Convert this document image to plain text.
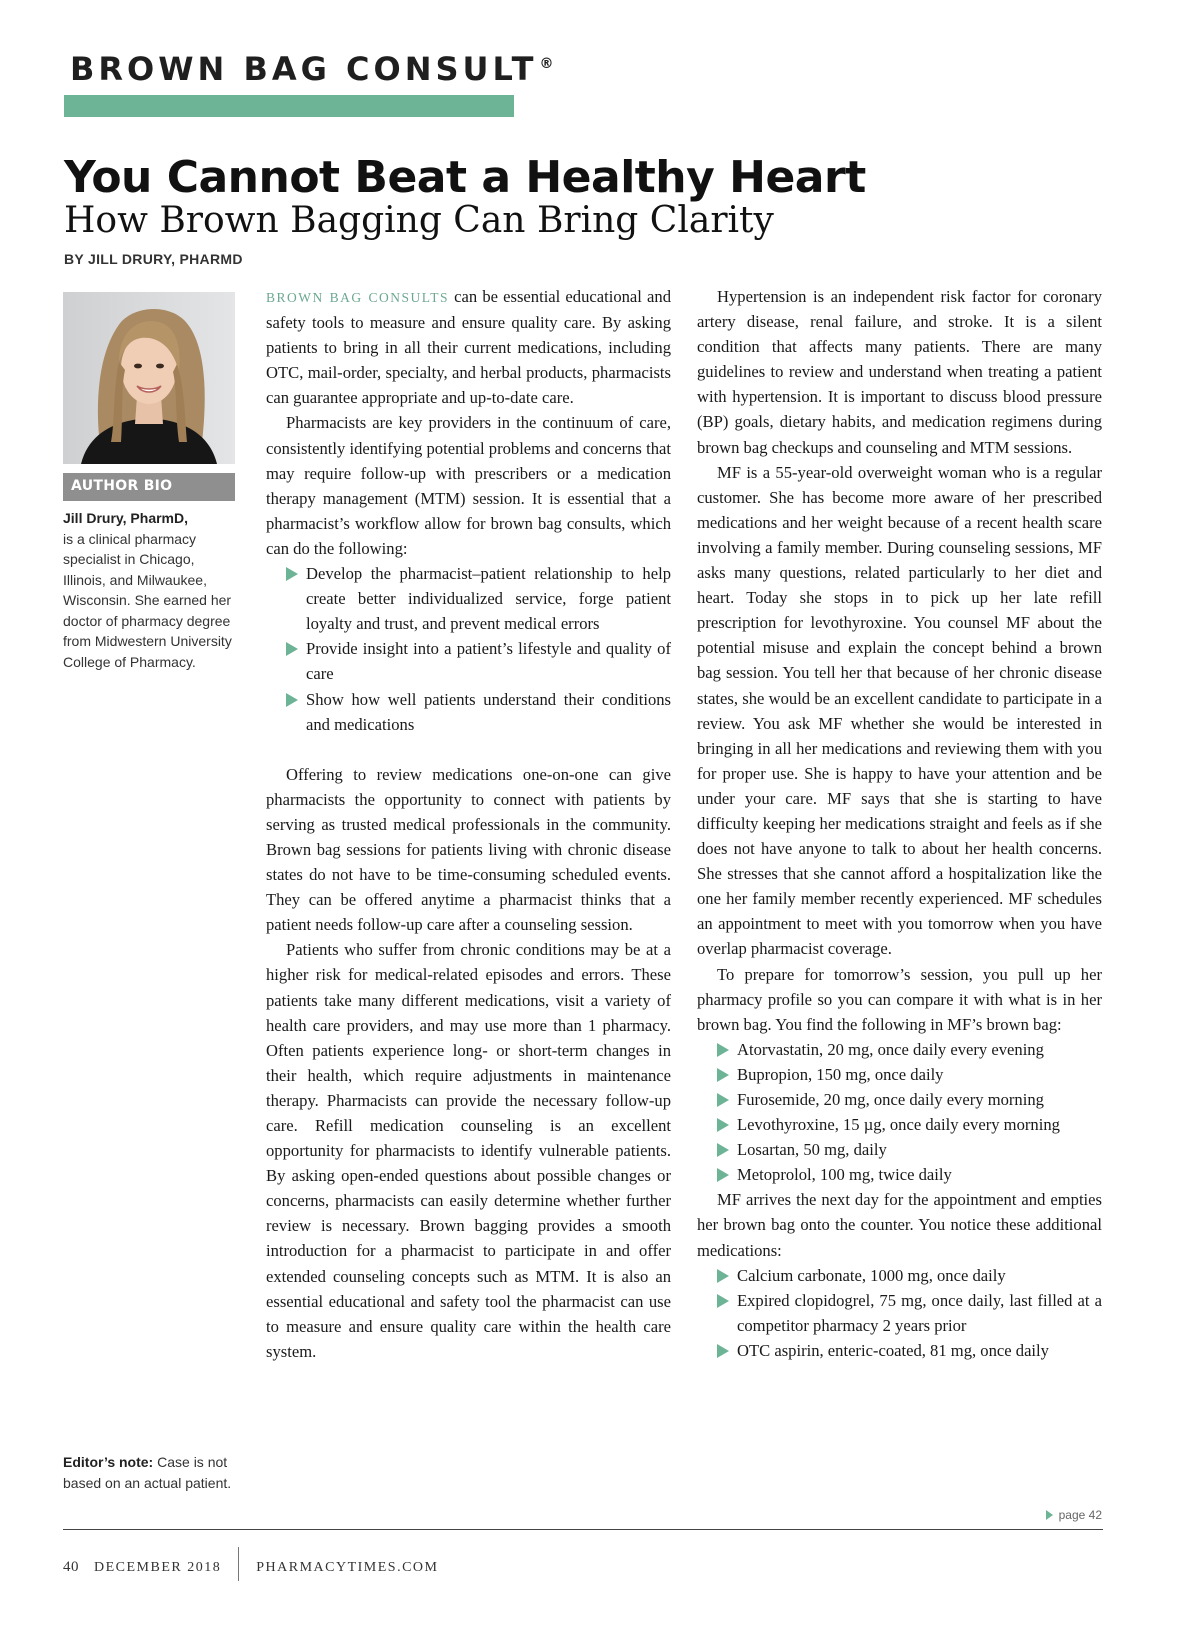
BROWN BAG CONSULT ®
You Cannot Beat a Healthy Heart
How Brown Bagging Can Bring Clarity
BY JILL DRURY, PHARMD
AUTHOR BIO
Jill Drury, PharmD,
is a clinical pharmacy specialist in Chicago, Illinois, and Milwaukee, Wisconsin. She earned her doctor of pharmacy degree from Midwestern University College of Pharmacy.
Editor’s note: Case is not based on an actual patient.

BROWN BAG CONSULTS can be essential educational and safety tools to measure and ensure quality care. By asking patients to bring in all their current medications, including OTC, mail-order, specialty, and herbal products, pharmacists can guarantee appropriate and up-to-date care.

Pharmacists are key providers in the continuum of care, consistently identifying potential problems and concerns that may require follow-up with prescribers or a medication therapy management (MTM) session. It is essential that a pharmacist’s workflow allow for brown bag consults, which can do the following:

Develop the pharmacist–patient relationship to help create better individualized service, forge patient loyalty and trust, and prevent medical errors
Provide insight into a patient’s lifestyle and quality of care
Show how well patients understand their conditions and medications

Offering to review medications one-on-one can give pharmacists the opportunity to connect with patients by serving as trusted medical professionals in the community. Brown bag sessions for patients living with chronic disease states do not have to be time-consuming scheduled events. They can be offered anytime a pharmacist thinks that a patient needs follow-up care after a counseling session.

Patients who suffer from chronic conditions may be at a higher risk for medical-related episodes and errors. These patients take many different medications, visit a variety of health care providers, and may use more than 1 pharmacy. Often patients experience long- or short-term changes in their health, which require adjustments in maintenance therapy. Pharmacists can provide the necessary follow-up care. Refill medication counseling is an excellent opportunity for pharmacists to identify vulnerable patients. By asking open-ended questions about possible changes or concerns, pharmacists can easily determine whether further review is necessary. Brown bagging provides a smooth introduction for a pharmacist to participate in and offer extended counseling concepts such as MTM. It is also an essential educational and safety tool the pharmacist can use to measure and ensure quality care within the health care system.

Hypertension is an independent risk factor for coronary artery disease, renal failure, and stroke. It is a silent condition that affects many patients. There are many guidelines to review and understand when treating a patient with hypertension. It is important to discuss blood pressure (BP) goals, dietary habits, and medication regimens during brown bag checkups and counseling and MTM sessions.

MF is a 55-year-old overweight woman who is a regular customer. She has become more aware of her prescribed medications and her weight because of a recent health scare involving a family member. During counseling sessions, MF asks many questions, related particularly to her diet and heart. Today she stops in to pick up her late refill prescription for levothyroxine. You counsel MF about the potential misuse and explain the concept behind a brown bag session. You tell her that because of her chronic disease states, she would be an excellent candidate to participate in a review. You ask MF whether she would be interested in bringing in all her medications and reviewing them with you for proper use. She is happy to have your attention and be under your care. MF says that she is starting to have difficulty keeping her medications straight and feels as if she does not have anyone to talk to about her health concerns. She stresses that she cannot afford a hospitalization like the one her family member recently experienced. MF schedules an appointment to meet with you tomorrow when you have overlap pharmacist coverage.

To prepare for tomorrow’s session, you pull up her pharmacy profile so you can compare it with what is in her brown bag. You find the following in MF’s brown bag:

Atorvastatin, 20 mg, once daily every evening
Bupropion, 150 mg, once daily
Furosemide, 20 mg, once daily every morning
Levothyroxine, 15 µg, once daily every morning
Losartan, 50 mg, daily
Metoprolol, 100 mg, twice daily

MF arrives the next day for the appointment and empties her brown bag onto the counter. You notice these additional medications:

Calcium carbonate, 1000 mg, once daily
Expired clopidogrel, 75 mg, once daily, last filled at a competitor pharmacy 2 years prior
OTC aspirin, enteric-coated, 81 mg, once daily
page 42
40 DECEMBER 2018	PHARMACYTIMES.COM
